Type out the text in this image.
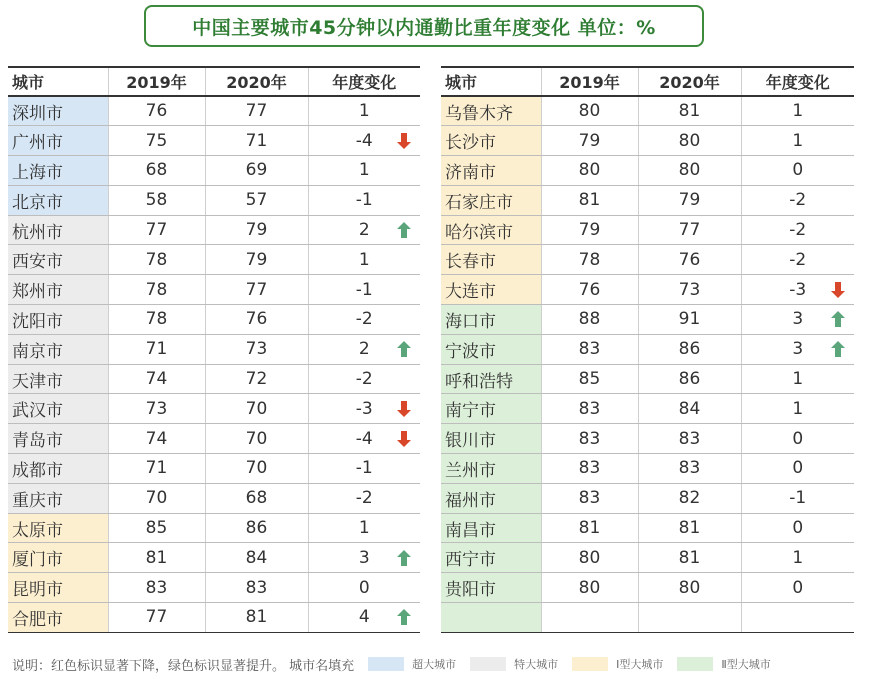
中国主要城市45分钟以内通勤比重年度变化 单位：%
城市	2019年	2020年	年度变化
深圳市	76	77	1
广州市	75	71	-4

上海市	68	69	1
北京市	58	57	-1
杭州市	77	79	2

西安市	78	79	1
郑州市	78	77	-1
沈阳市	78	76	-2
南京市	71	73	2

天津市	74	72	-2
武汉市	73	70	-3

青岛市	74	70	-4

成都市	71	70	-1
重庆市	70	68	-2
太原市	85	86	1
厦门市	81	84	3

昆明市	83	83	0
合肥市	77	81	4
城市	2019年	2020年	年度变化
乌鲁木齐	80	81	1
长沙市	79	80	1
济南市	80	80	0
石家庄市	81	79	-2
哈尔滨市	79	77	-2
长春市	78	76	-2
大连市	76	73	-3

海口市	88	91	3

宁波市	83	86	3

呼和浩特	85	86	1
南宁市	83	84	1
银川市	83	83	0
兰州市	83	83	0
福州市	83	82	-1
南昌市	81	81	0
西宁市	80	81	1
贵阳市	80	80	0

说明：红色标识显著下降，绿色标识显著提升。 城市名填充	超大城市	特大城市	Ⅰ型大城市	Ⅱ型大城市
